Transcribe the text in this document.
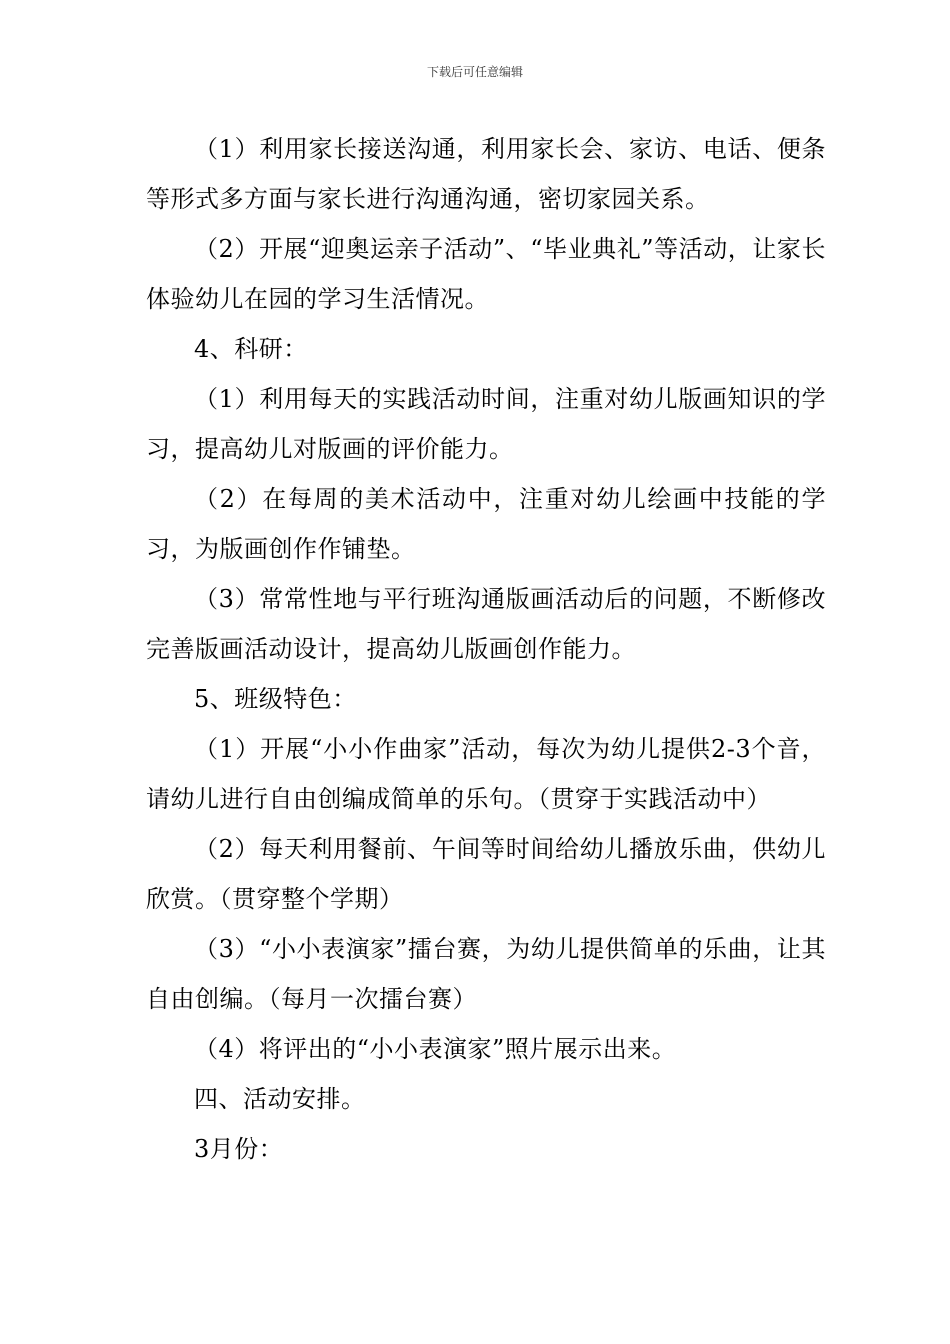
下载后可任意编辑

（1）利用家长接送沟通，利用家长会、家访、电话、便条等形式多方面与家长进行沟通沟通，密切家园关系。

（2）开展“迎奥运亲子活动”、“毕业典礼”等活动，让家长体验幼儿在园的学习生活情况。

4、科研：

（1）利用每天的实践活动时间，注重对幼儿版画知识的学习，提高幼儿对版画的评价能力。

（2）在每周的美术活动中，注重对幼儿绘画中技能的学习，为版画创作作铺垫。

（3）常常性地与平行班沟通版画活动后的问题，不断修改完善版画活动设计，提高幼儿版画创作能力。

5、班级特色：

（1）开展“小小作曲家”活动，每次为幼儿提供2-3个音，请幼儿进行自由创编成简单的乐句。（贯穿于实践活动中）

（2）每天利用餐前、午间等时间给幼儿播放乐曲，供幼儿欣赏。（贯穿整个学期）

（3）“小小表演家”擂台赛，为幼儿提供简单的乐曲，让其自由创编。（每月一次擂台赛）

（4）将评出的“小小表演家”照片展示出来。

四、活动安排。

3月份：
